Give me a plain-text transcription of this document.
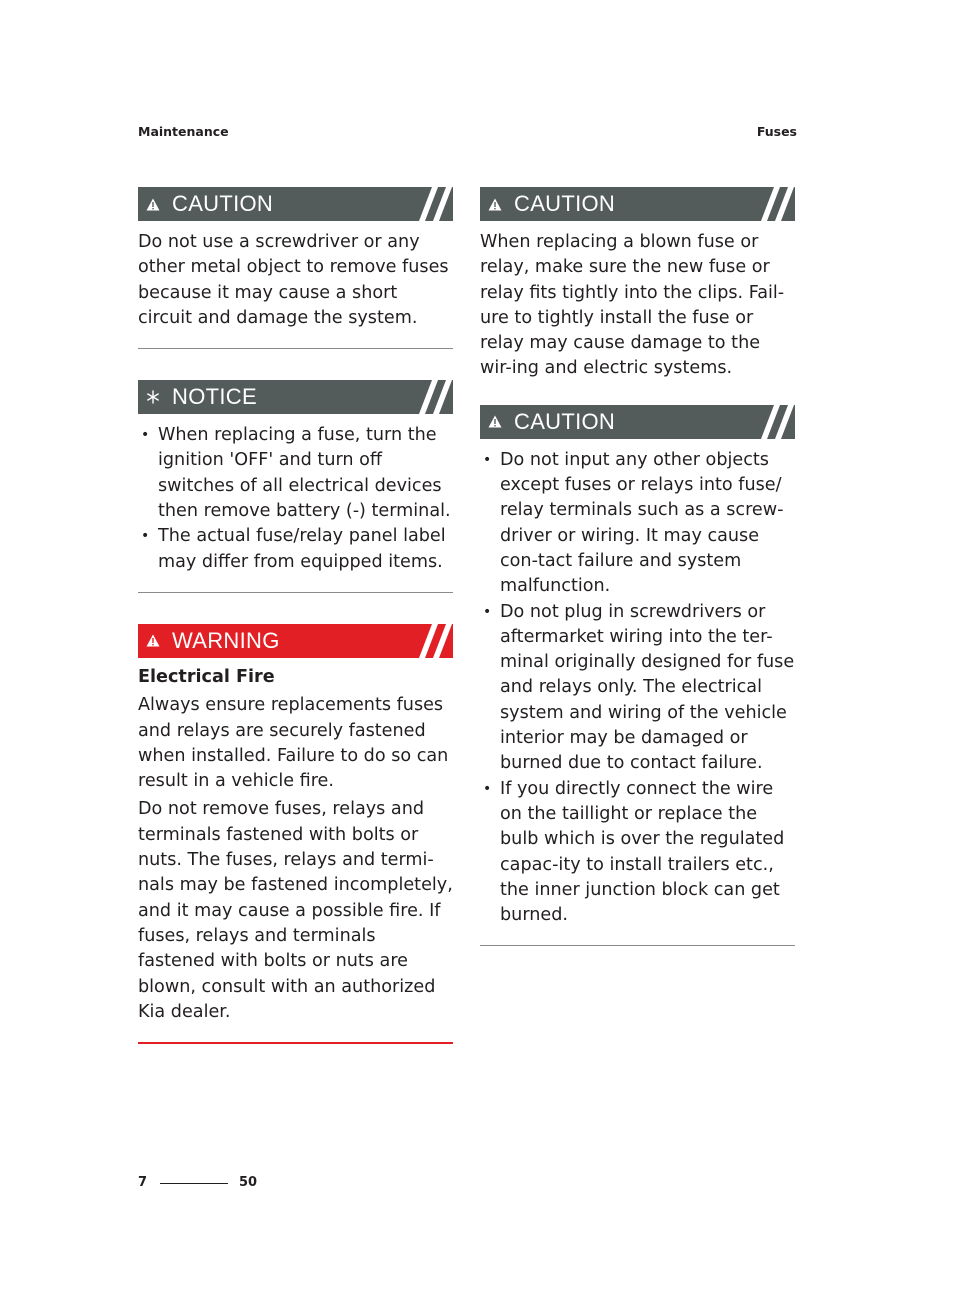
Maintenance	Fuses
CAUTION

Do not use a screwdriver or any other metal object to remove fuses because it may cause a short circuit and damage the system.

NOTICE
• When replacing a fuse, turn the ignition 'OFF' and turn off switches of all electrical devices then remove battery (-) terminal.
• The actual fuse/relay panel label may differ from equipped items.
WARNING

Electrical Fire

Always ensure replacements fuses and relays are securely fastened when installed. Failure to do so can result in a vehicle fire.

Do not remove fuses, relays and terminals fastened with bolts or nuts. The fuses, relays and termi-nals may be fastened incompletely, and it may cause a possible fire. If fuses, relays and terminals fastened with bolts or nuts are blown, consult with an authorized Kia dealer.

CAUTION

When replacing a blown fuse or relay, make sure the new fuse or relay fits tightly into the clips. Fail-ure to tightly install the fuse or relay may cause damage to the wir-ing and electric systems.

CAUTION
• Do not input any other objects except fuses or relays into fuse/ relay terminals such as a screw-driver or wiring. It may cause con-tact failure and system malfunction.
• Do not plug in screwdrivers or aftermarket wiring into the ter-minal originally designed for fuse and relays only. The electrical system and wiring of the vehicle interior may be damaged or burned due to contact failure.
• If you directly connect the wire on the taillight or replace the bulb which is over the regulated capac-ity to install trailers etc., the inner junction block can get burned.
7	50
